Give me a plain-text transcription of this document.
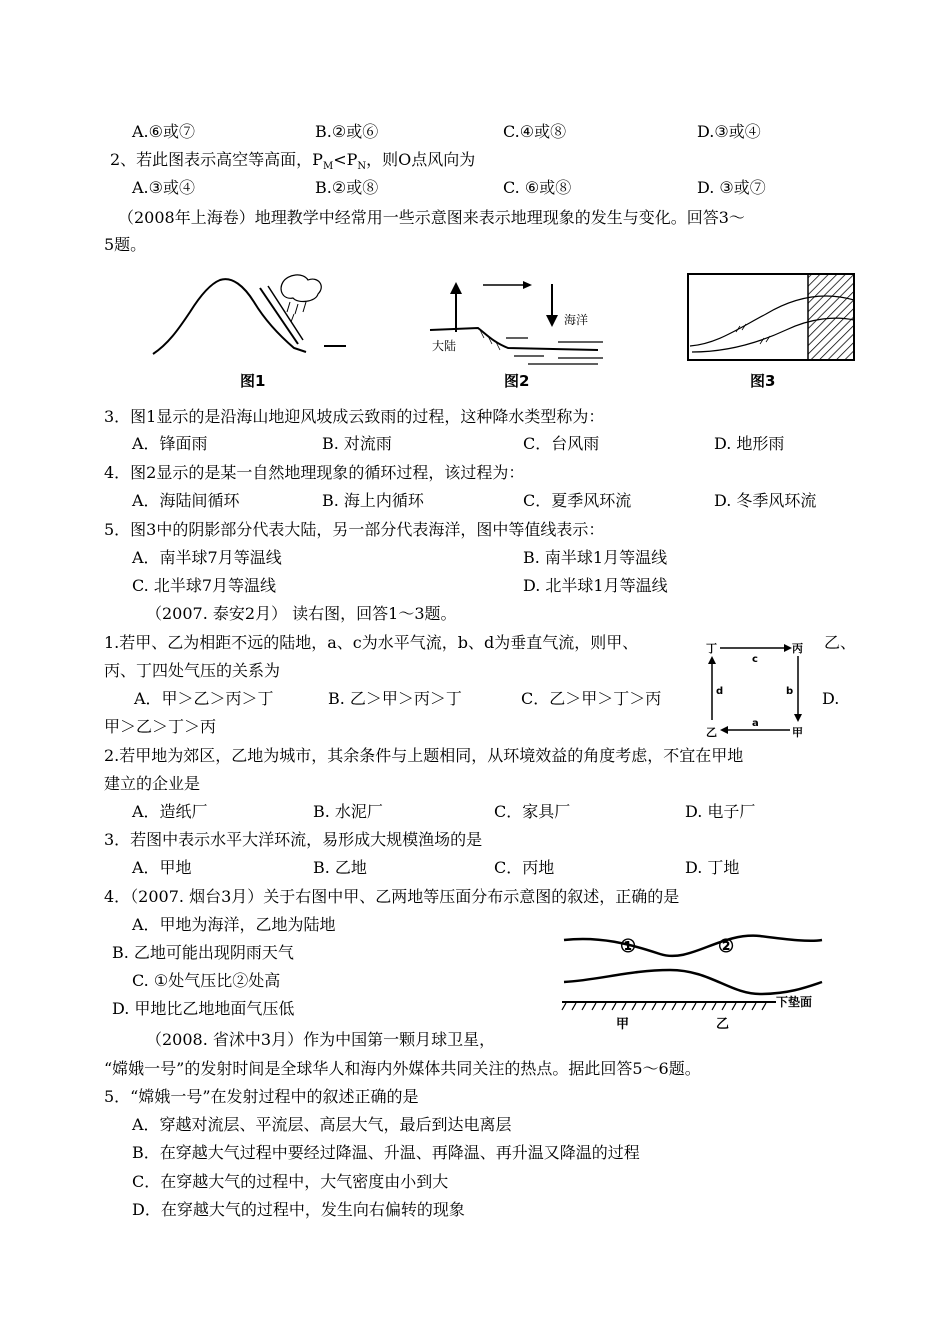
A.⑥或⑦	B.②或⑥	C.④或⑧	D.③或④
2、若此图表示高空等高面，$P_M<P_N$，则O点风向为
A.③或④	B.②或⑧	C. ⑥或⑧	D. ③或⑦
（2008年上海卷）地理教学中经常用一些示意图来表示地理现象的发生与变化。回答3～
5题。
图1
海洋
大陆
图2	图3
3．图1显示的是沿海山地迎风坡成云致雨的过程，这种降水类型称为：
A．锋面雨	B. 对流雨	C．台风雨	D. 地形雨
4．图2显示的是某一自然地理现象的循环过程，该过程为：
A．海陆间循环	B. 海上内循环	C．夏季风环流	D. 冬季风环流
5．图3中的阴影部分代表大陆，另一部分代表海洋，图中等值线表示：
A．南半球7月等温线	B. 南半球1月等温线
C. 北半球7月等温线	D. 北半球1月等温线
（2007. 泰安2月） 读右图，回答1～3题。
1.若甲、乙为相距不远的陆地，a、c为水平气流，b、d为垂直气流，则甲、	乙、
丙、丁四处气压的关系为
A．甲＞乙＞丙＞丁	B. 乙＞甲＞丙＞丁	C．乙＞甲＞丁＞丙	D.
甲＞乙＞丁＞丙
丁	丙
乙	甲
c
b
a
d
2.若甲地为郊区，乙地为城市，其余条件与上题相同，从环境效益的角度考虑，不宜在甲地
建立的企业是
A．造纸厂	B. 水泥厂	C．家具厂	D. 电子厂
3．若图中表示水平大洋环流，易形成大规模渔场的是
A．甲地	B. 乙地	C．丙地	D. 丁地
4．（2007. 烟台3月）关于右图中甲、乙两地等压面分布示意图的叙述，正确的是
A．甲地为海洋，乙地为陆地
B. 乙地可能出现阴雨天气
C. ①处气压比②处高
D. 甲地比乙地地面气压低
①	②
下垫面
甲	乙
（2008. 省沭中3月）作为中国第一颗月球卫星，
“嫦娥一号”的发射时间是全球华人和海内外媒体共同关注的热点。据此回答5～6题。
5．“嫦娥一号”在发射过程中的叙述正确的是
A．穿越对流层、平流层、高层大气，最后到达电离层
B．在穿越大气过程中要经过降温、升温、再降温、再升温又降温的过程
C．在穿越大气的过程中，大气密度由小到大
D．在穿越大气的过程中，发生向右偏转的现象
